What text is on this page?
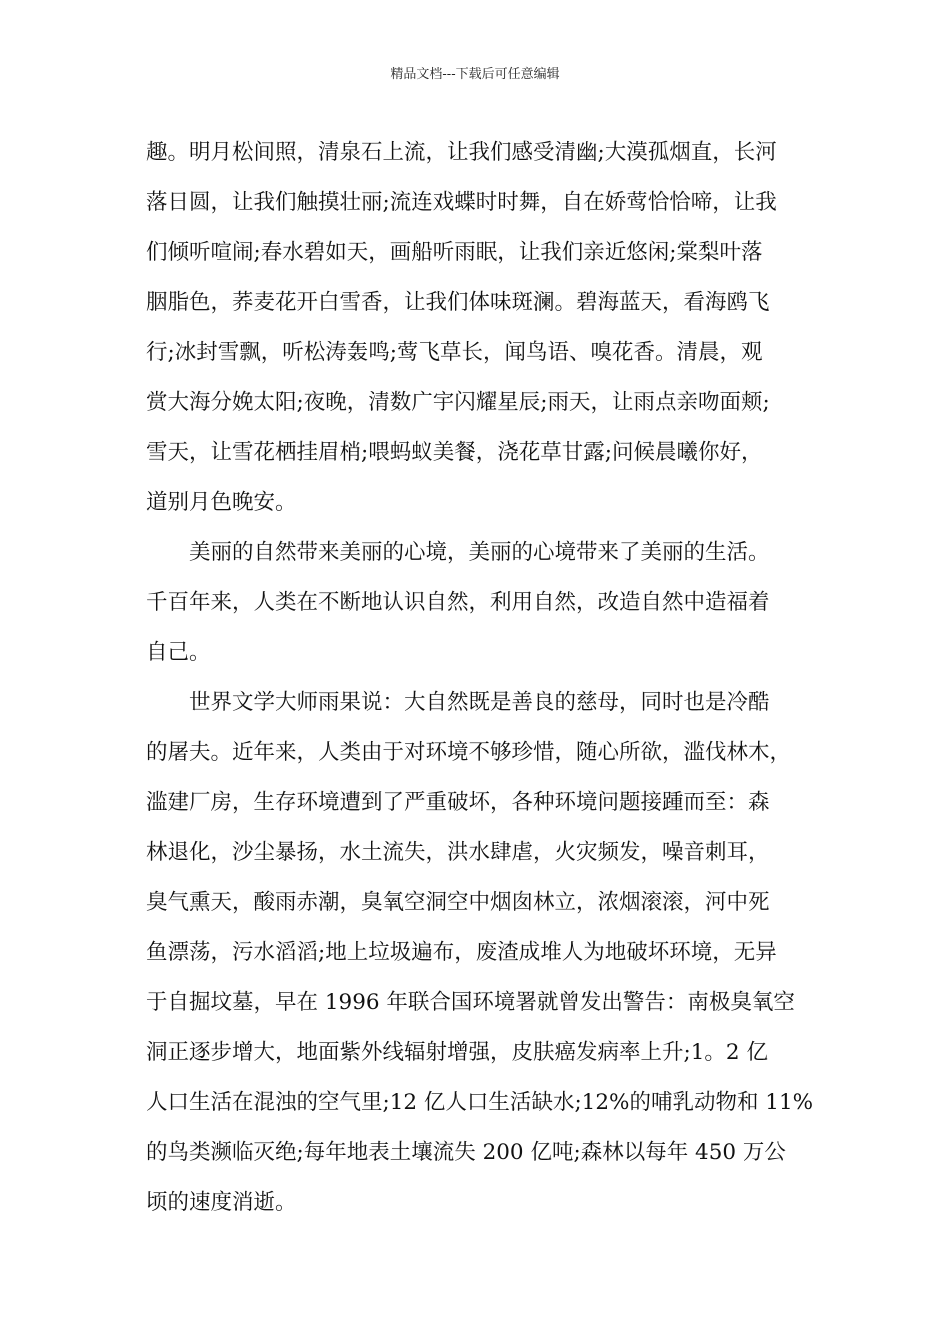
精品文档---下载后可任意编辑
趣。明月松间照，清泉石上流，让我们感受清幽;大漠孤烟直，长河
落日圆，让我们触摸壮丽;流连戏蝶时时舞，自在娇莺恰恰啼，让我
们倾听喧闹;春水碧如天，画船听雨眠，让我们亲近悠闲;棠梨叶落
胭脂色，荞麦花开白雪香，让我们体味斑澜。碧海蓝天，看海鸥飞
行;冰封雪飘，听松涛轰鸣;莺飞草长，闻鸟语、嗅花香。清晨，观
赏大海分娩太阳;夜晚，清数广宇闪耀星辰;雨天，让雨点亲吻面颊;
雪天，让雪花栖挂眉梢;喂蚂蚁美餐，浇花草甘露;问候晨曦你好，
道别月色晚安。
美丽的自然带来美丽的心境，美丽的心境带来了美丽的生活。
千百年来，人类在不断地认识自然，利用自然，改造自然中造福着
自己。
世界文学大师雨果说：大自然既是善良的慈母，同时也是冷酷
的屠夫。近年来，人类由于对环境不够珍惜，随心所欲，滥伐林木，
滥建厂房，生存环境遭到了严重破坏，各种环境问题接踵而至：森
林退化，沙尘暴扬，水土流失，洪水肆虐，火灾频发，噪音刺耳，
臭气熏天，酸雨赤潮，臭氧空洞空中烟囱林立，浓烟滚滚，河中死
鱼漂荡，污水滔滔;地上垃圾遍布，废渣成堆人为地破坏环境，无异
于自掘坟墓，早在 1996 年联合国环境署就曾发出警告：南极臭氧空
洞正逐步增大，地面紫外线辐射增强，皮肤癌发病率上升;1。2 亿
人口生活在混浊的空气里;12 亿人口生活缺水;12%的哺乳动物和 11%
的鸟类濒临灭绝;每年地表土壤流失 200 亿吨;森林以每年 450 万公
顷的速度消逝。
